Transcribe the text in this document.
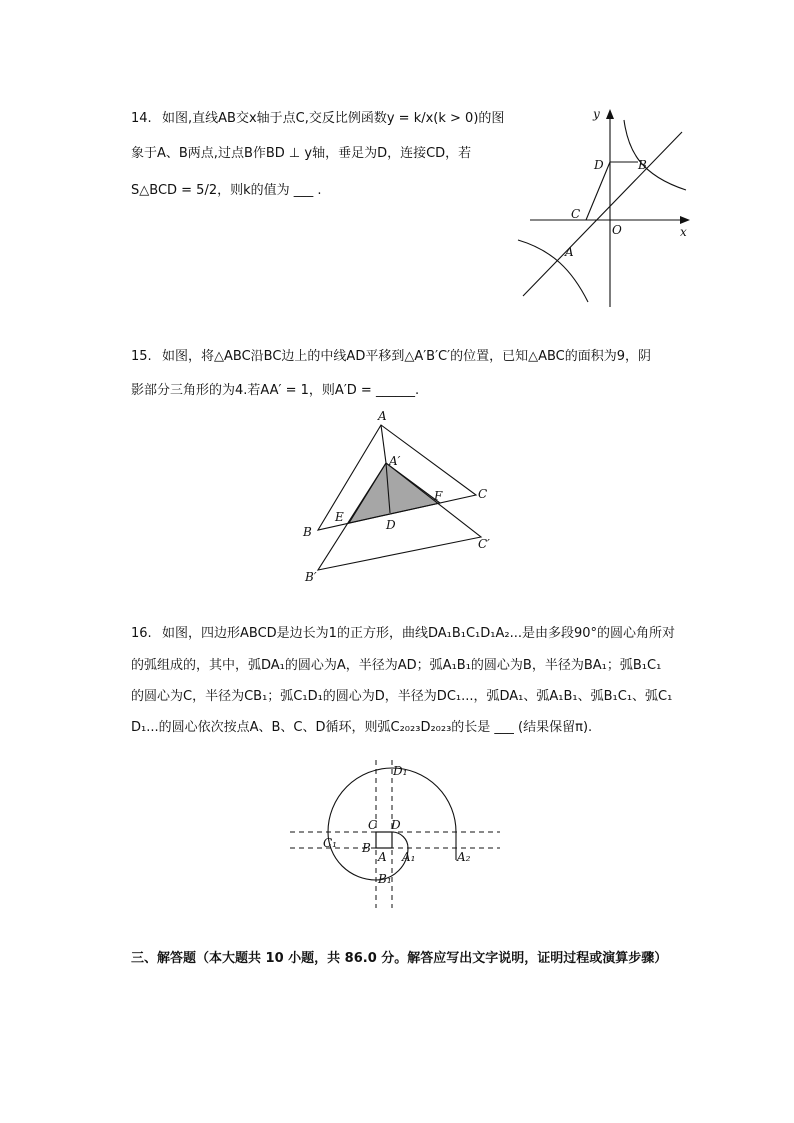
14. 如图,直线AB交x轴于点C,交反比例函数y = k/x(k > 0)的图
象于A、B两点,过点B作BD ⊥ y轴，垂足为D，连接CD，若
S△BCD = 5/2，则k的值为 ___ .
y
x
O
D	B
C
A
15. 如图，将△ABC沿BC边上的中线AD平移到△A′B′C′的位置，已知△ABC的面积为9，阴
影部分三角形的为4.若AA′ = 1，则A′D = ______.
A
A′
B
C
E
F
D
B′
C′
16. 如图，四边形ABCD是边长为1的正方形，曲线DA₁B₁C₁D₁A₂...是由多段90°的圆心角所对
的弧组成的，其中，弧DA₁的圆心为A，半径为AD；弧A₁B₁的圆心为B，半径为BA₁；弧B₁C₁
的圆心为C，半径为CB₁；弧C₁D₁的圆心为D，半径为DC₁...，弧DA₁、弧A₁B₁、弧B₁C₁、弧C₁
D₁...的圆心依次按点A、B、C、D循环，则弧C₂₀₂₃D₂₀₂₃的长是 ___ (结果保留π).
D₁
C D
C₁ B
A A₁	A₂
B₁
三、解答题（本大题共 10 小题，共 86.0 分。解答应写出文字说明，证明过程或演算步骤）
